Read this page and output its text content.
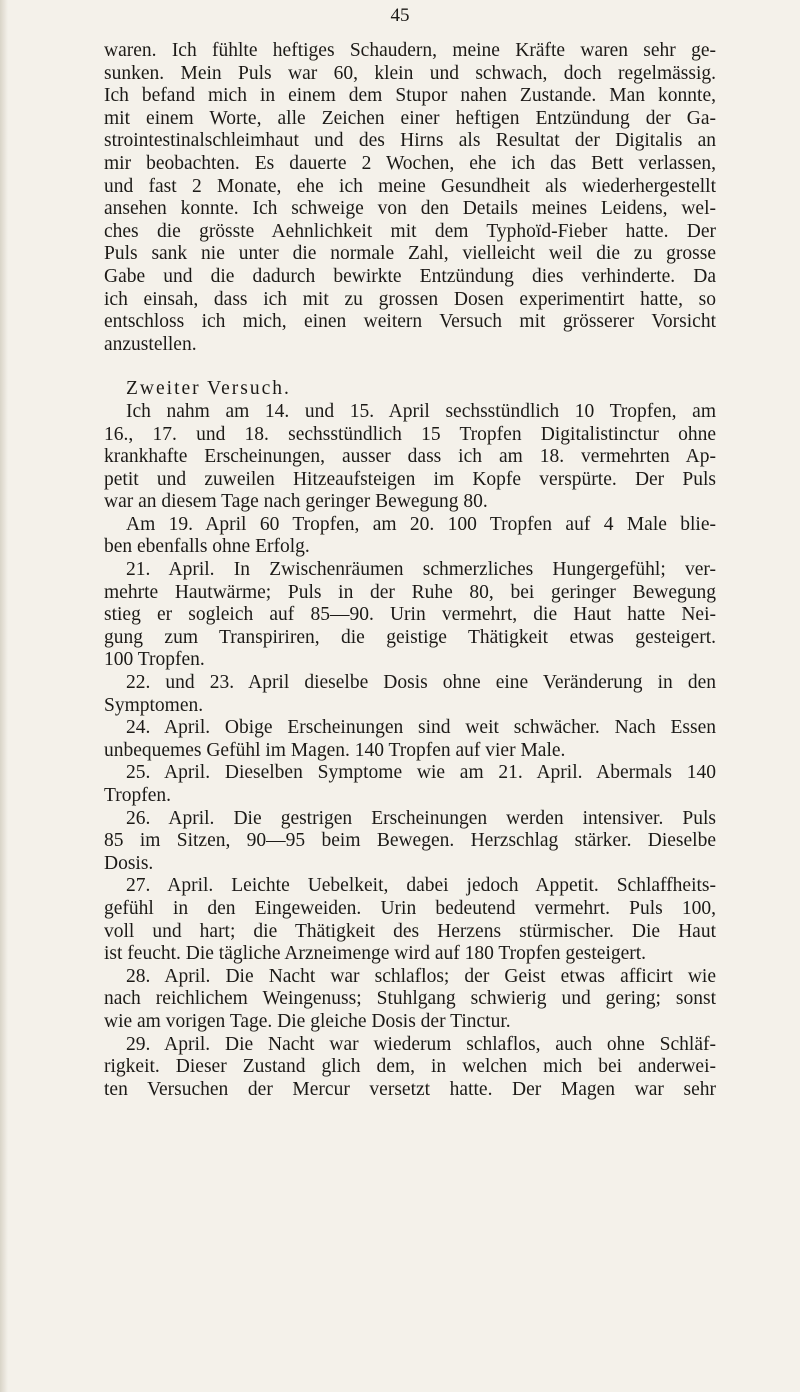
45
waren. Ich fühlte heftiges Schaudern, meine Kräfte waren sehr ge-
sunken. Mein Puls war 60, klein und schwach, doch regelmässig.
Ich befand mich in einem dem Stupor nahen Zustande. Man konnte,
mit einem Worte, alle Zeichen einer heftigen Entzündung der Ga-
strointestinalschleimhaut und des Hirns als Resultat der Digitalis an
mir beobachten. Es dauerte 2 Wochen, ehe ich das Bett verlassen,
und fast 2 Monate, ehe ich meine Gesundheit als wiederhergestellt
ansehen konnte. Ich schweige von den Details meines Leidens, wel-
ches die grösste Aehnlichkeit mit dem Typhoïd-Fieber hatte. Der
Puls sank nie unter die normale Zahl, vielleicht weil die zu grosse
Gabe und die dadurch bewirkte Entzündung dies verhinderte. Da
ich einsah, dass ich mit zu grossen Dosen experimentirt hatte, so
entschloss ich mich, einen weitern Versuch mit grösserer Vorsicht
anzustellen.
Zweiter Versuch.
Ich nahm am 14. und 15. April sechsstündlich 10 Tropfen, am
16., 17. und 18. sechsstündlich 15 Tropfen Digitalistinctur ohne
krankhafte Erscheinungen, ausser dass ich am 18. vermehrten Ap-
petit und zuweilen Hitzeaufsteigen im Kopfe verspürte. Der Puls
war an diesem Tage nach geringer Bewegung 80.
Am 19. April 60 Tropfen, am 20. 100 Tropfen auf 4 Male blie-
ben ebenfalls ohne Erfolg.
21. April. In Zwischenräumen schmerzliches Hungergefühl; ver-
mehrte Hautwärme; Puls in der Ruhe 80, bei geringer Bewegung
stieg er sogleich auf 85—90. Urin vermehrt, die Haut hatte Nei-
gung zum Transpiriren, die geistige Thätigkeit etwas gesteigert.
100 Tropfen.
22. und 23. April dieselbe Dosis ohne eine Veränderung in den
Symptomen.
24. April. Obige Erscheinungen sind weit schwächer. Nach Essen
unbequemes Gefühl im Magen. 140 Tropfen auf vier Male.
25. April. Dieselben Symptome wie am 21. April. Abermals 140
Tropfen.
26. April. Die gestrigen Erscheinungen werden intensiver. Puls
85 im Sitzen, 90—95 beim Bewegen. Herzschlag stärker. Dieselbe
Dosis.
27. April. Leichte Uebelkeit, dabei jedoch Appetit. Schlaffheits-
gefühl in den Eingeweiden. Urin bedeutend vermehrt. Puls 100,
voll und hart; die Thätigkeit des Herzens stürmischer. Die Haut
ist feucht. Die tägliche Arzneimenge wird auf 180 Tropfen gesteigert.
28. April. Die Nacht war schlaflos; der Geist etwas afficirt wie
nach reichlichem Weingenuss; Stuhlgang schwierig und gering; sonst
wie am vorigen Tage. Die gleiche Dosis der Tinctur.
29. April. Die Nacht war wiederum schlaflos, auch ohne Schläf-
rigkeit. Dieser Zustand glich dem, in welchen mich bei anderwei-
ten Versuchen der Mercur versetzt hatte. Der Magen war sehr
